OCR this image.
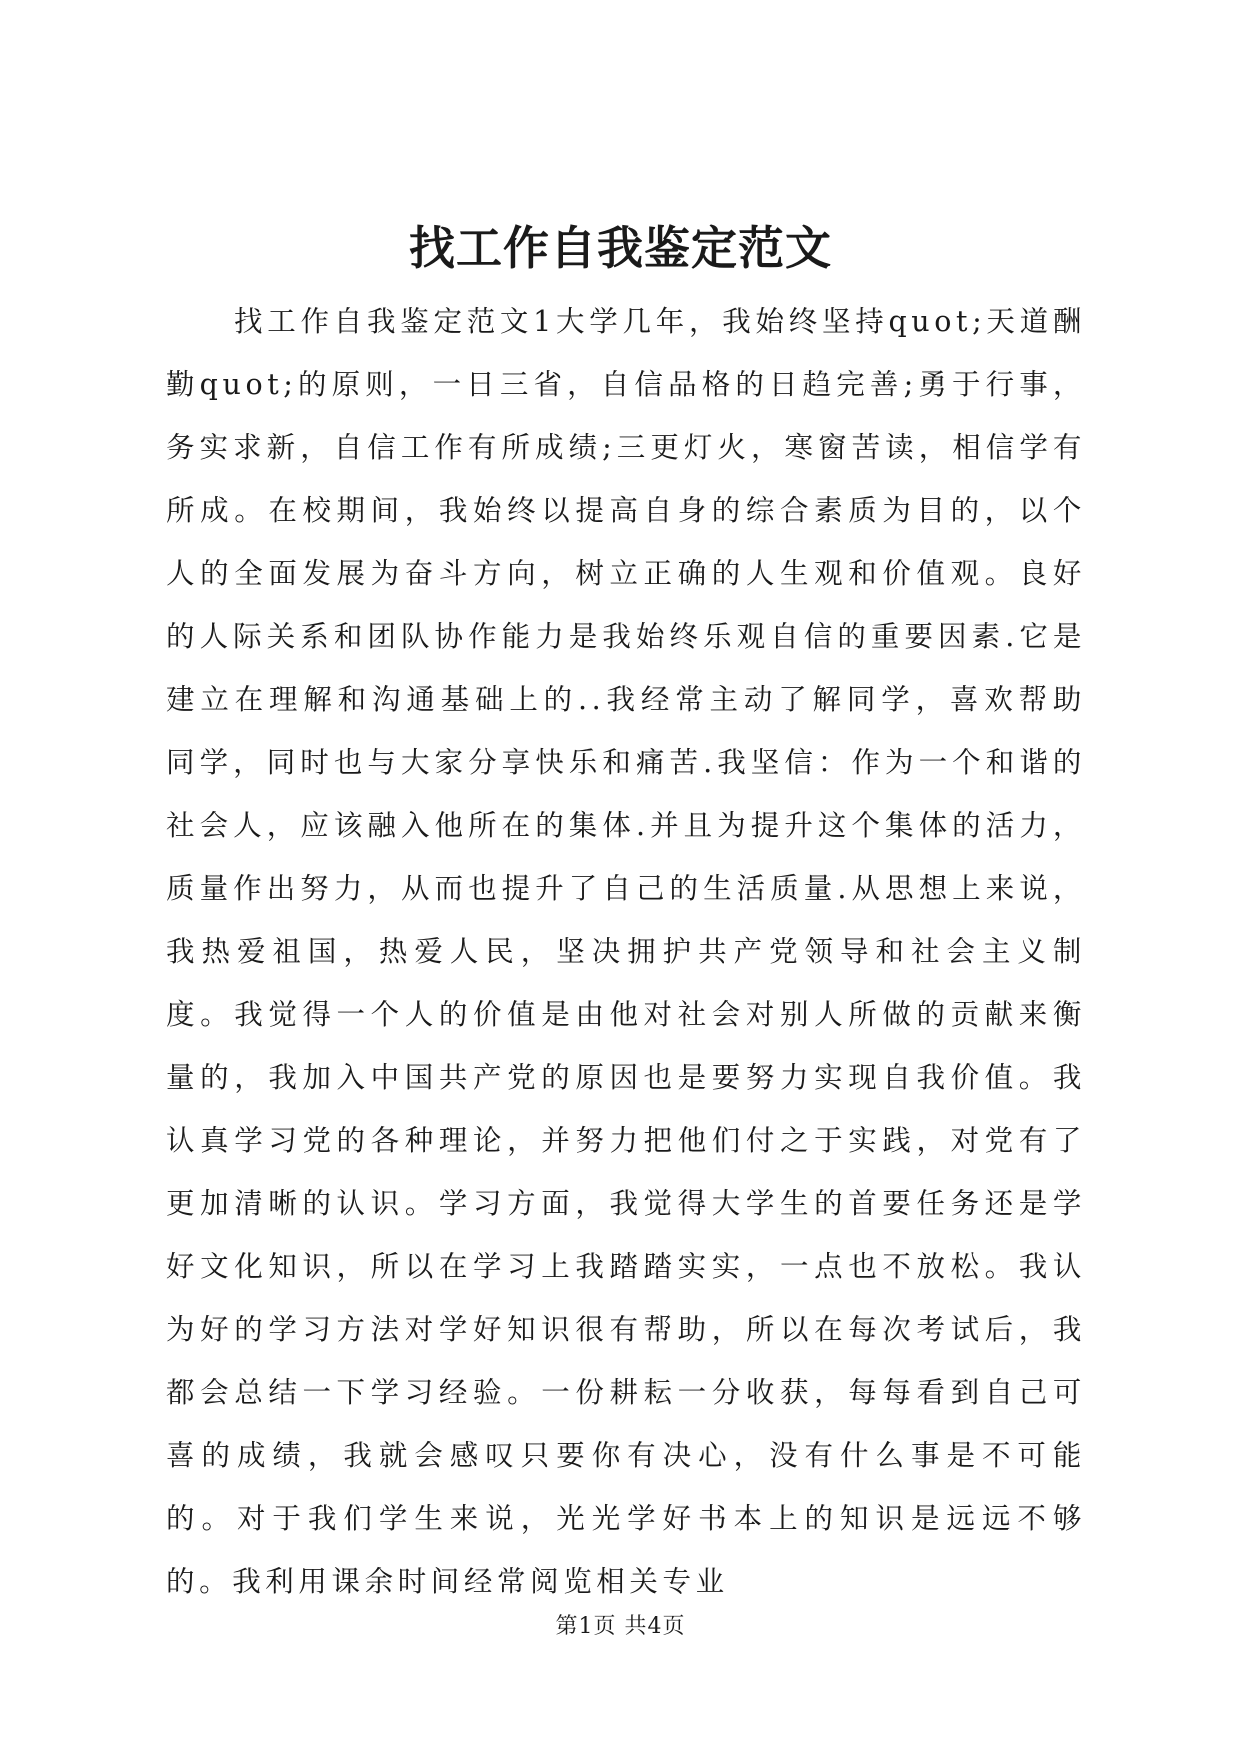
找工作自我鉴定范文

找工作自我鉴定范文1大学几年，我始终坚持quot;天道酬勤quot;的原则，一日三省，自信品格的日趋完善;勇于行事，务实求新，自信工作有所成绩;三更灯火，寒窗苦读，相信学有所成。在校期间，我始终以提高自身的综合素质为目的，以个人的全面发展为奋斗方向，树立正确的人生观和价值观。良好的人际关系和团队协作能力是我始终乐观自信的重要因素.它是建立在理解和沟通基础上的..我经常主动了解同学，喜欢帮助同学，同时也与大家分享快乐和痛苦.我坚信：作为一个和谐的社会人，应该融入他所在的集体.并且为提升这个集体的活力，质量作出努力，从而也提升了自己的生活质量.从思想上来说，我热爱祖国，热爱人民，坚决拥护共产党领导和社会主义制度。我觉得一个人的价值是由他对社会对别人所做的贡献来衡量的，我加入中国共产党的原因也是要努力实现自我价值。我认真学习党的各种理论，并努力把他们付之于实践，对党有了更加清晰的认识。学习方面，我觉得大学生的首要任务还是学好文化知识，所以在学习上我踏踏实实，一点也不放松。我认为好的学习方法对学好知识很有帮助，所以在每次考试后，我都会总结一下学习经验。一份耕耘一分收获，每每看到自己可喜的成绩，我就会感叹只要你有决心，没有什么事是不可能的。对于我们学生来说，光光学好书本上的知识是远远不够的。我利用课余时间经常阅览相关专业

第1页 共4页
